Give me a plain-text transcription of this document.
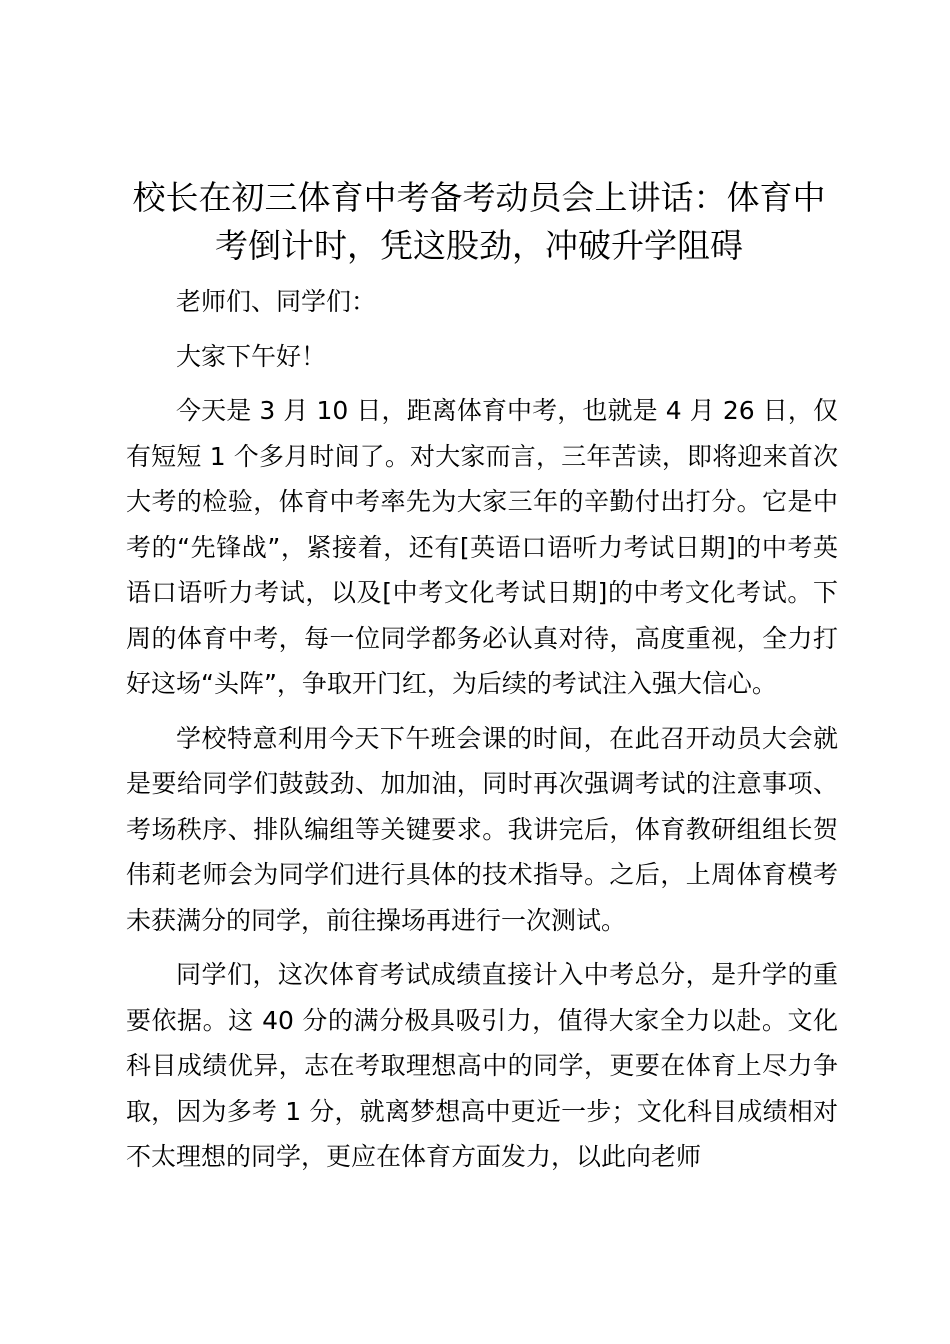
校长在初三体育中考备考动员会上讲话：体育中考倒计时，凭这股劲，冲破升学阻碍

老师们、同学们：

大家下午好！

今天是 3 月 10 日，距离体育中考，也就是 4 月 26 日，仅有短短 1 个多月时间了。对大家而言，三年苦读，即将迎来首次大考的检验，体育中考率先为大家三年的辛勤付出打分。它是中考的“先锋战”，紧接着，还有[英语口语听力考试日期]的中考英语口语听力考试，以及[中考文化考试日期]的中考文化考试。下周的体育中考，每一位同学都务必认真对待，高度重视，全力打好这场“头阵”，争取开门红，为后续的考试注入强大信心。

学校特意利用今天下午班会课的时间，在此召开动员大会就是要给同学们鼓鼓劲、加加油，同时再次强调考试的注意事项、考场秩序、排队编组等关键要求。我讲完后，体育教研组组长贺伟莉老师会为同学们进行具体的技术指导。之后，上周体育模考未获满分的同学，前往操场再进行一次测试。

同学们，这次体育考试成绩直接计入中考总分，是升学的重要依据。这 40 分的满分极具吸引力，值得大家全力以赴。文化科目成绩优异，志在考取理想高中的同学，更要在体育上尽力争取，因为多考 1 分，就离梦想高中更近一步；文化科目成绩相对不太理想的同学，更应在体育方面发力，以此向老师
